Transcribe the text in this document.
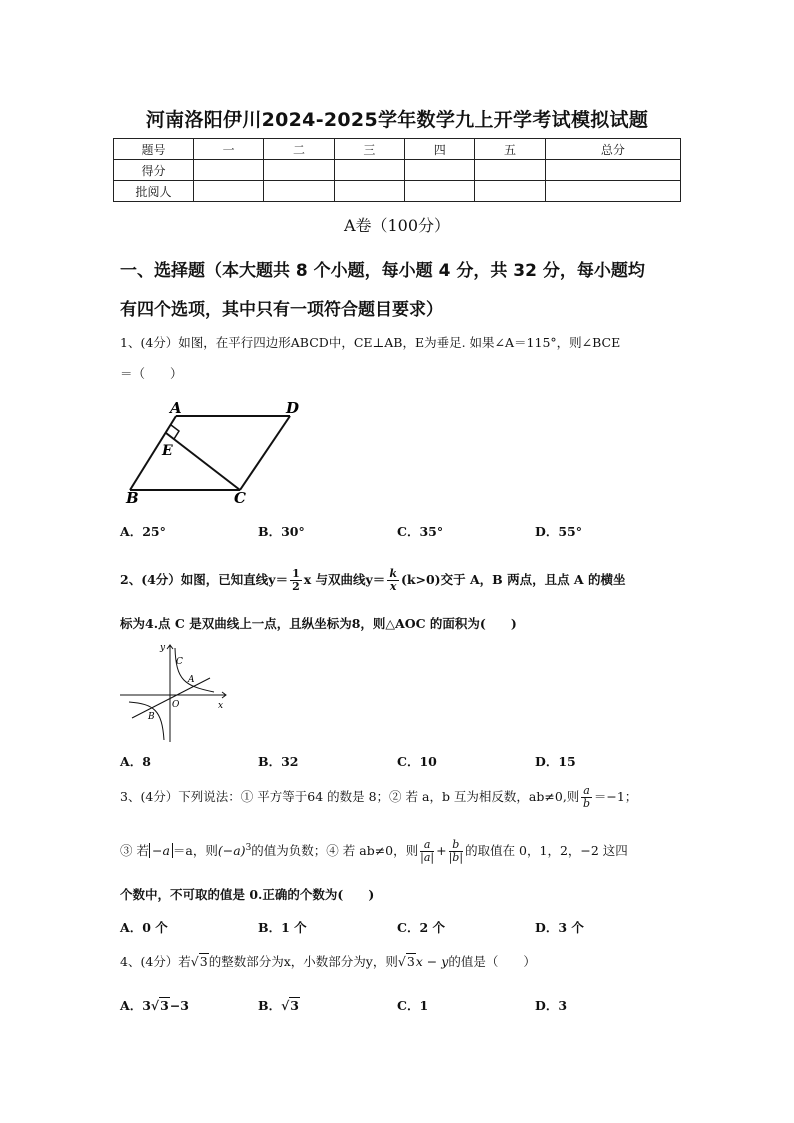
河南洛阳伊川2024-2025学年数学九上开学考试模拟试题
题号	一	二	三	四	五	总分
得分						
批阅人						
A卷（100分）
一、选择题（本大题共 8 个小题，每小题 4 分，共 32 分，每小题均
有四个选项，其中只有一项符合题目要求）
1、(4分）如图，在平行四边形ABCD中，CE⊥AB，E为垂足. 如果∠A＝115°，则∠BCE
＝（　　）
A	D
E
B	C
A．25°	B．30°	C．35°	D．55°
2、(4分）如图，已知直线$y= \frac{1}{2}$ x 与双曲线$y= \frac{k}{x} (k>0)$交于 A，B 两点，且点 A 的横坐
标为4.点 C 是双曲线上一点，且纵坐标为8，则△AOC 的面积为(　　)
y
x
O
A
B
C
A．8	B．32	C．10	D．15
3、(4分）下列说法：① 平方等于64 的数是 8；② 若 a，b 互为相反数，ab≠0,则 $\frac{a}{b} =-1$；
③ 若 −a ＝a，则$(-a)^3$的值为负数；④ 若 ab≠0，则 $\frac{a}{|a|} + \frac{b}{|b|}$ 的取值在 0，1，2，−2 这四
个数中，不可取的值是 0.正确的个数为(　　)
A．0 个	B．1 个	C．2 个	D．3 个
4、(4分）若√3的整数部分为x，小数部分为y，则√3x − y的值是（　　）
A．3√3−3	B．√3	C．1	D．3
